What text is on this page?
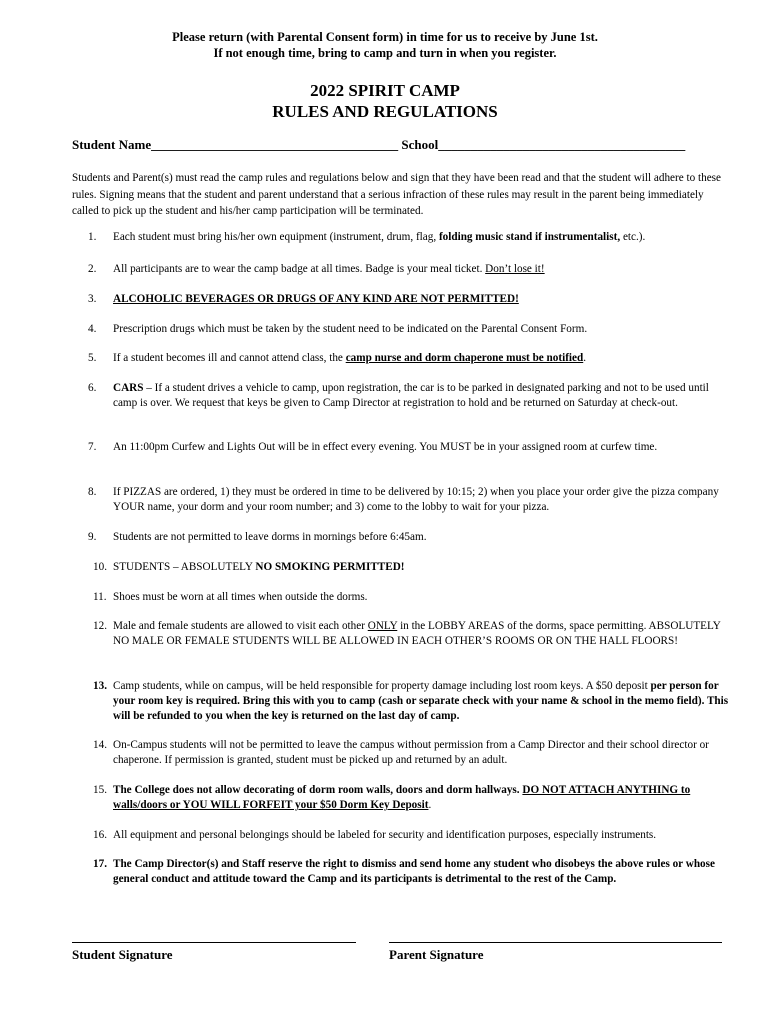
Please return (with Parental Consent form) in time for us to receive by June 1st.
If not enough time, bring to camp and turn in when you register.
2022 SPIRIT CAMP
RULES AND REGULATIONS
Student Name______________________________________ School______________________________________
Students and Parent(s) must read the camp rules and regulations below and sign that they have been read and that the student will adhere to these rules. Signing means that the student and parent understand that a serious infraction of these rules may result in the parent being immediately called to pick up the student and his/her camp participation will be terminated.
1. Each student must bring his/her own equipment (instrument, drum, flag, folding music stand if instrumentalist, etc.).
2. All participants are to wear the camp badge at all times. Badge is your meal ticket. Don’t lose it!
3. ALCOHOLIC BEVERAGES OR DRUGS OF ANY KIND ARE NOT PERMITTED!
4. Prescription drugs which must be taken by the student need to be indicated on the Parental Consent Form.
5. If a student becomes ill and cannot attend class, the camp nurse and dorm chaperone must be notified.
6. CARS – If a student drives a vehicle to camp, upon registration, the car is to be parked in designated parking and not to be used until camp is over. We request that keys be given to Camp Director at registration to hold and be returned on Saturday at check-out.
7. An 11:00pm Curfew and Lights Out will be in effect every evening. You MUST be in your assigned room at curfew time.
8. If PIZZAS are ordered, 1) they must be ordered in time to be delivered by 10:15; 2) when you place your order give the pizza company YOUR name, your dorm and your room number; and 3) come to the lobby to wait for your pizza.
9. Students are not permitted to leave dorms in mornings before 6:45am.
10. STUDENTS – ABSOLUTELY NO SMOKING PERMITTED!
11. Shoes must be worn at all times when outside the dorms.
12. Male and female students are allowed to visit each other ONLY in the LOBBY AREAS of the dorms, space permitting. ABSOLUTELY NO MALE OR FEMALE STUDENTS WILL BE ALLOWED IN EACH OTHER’S ROOMS OR ON THE HALL FLOORS!
13. Camp students, while on campus, will be held responsible for property damage including lost room keys. A $50 deposit per person for your room key is required. Bring this with you to camp (cash or separate check with your name & school in the memo field). This will be refunded to you when the key is returned on the last day of camp.
14. On-Campus students will not be permitted to leave the campus without permission from a Camp Director and their school director or chaperone. If permission is granted, student must be picked up and returned by an adult.
15. The College does not allow decorating of dorm room walls, doors and dorm hallways. DO NOT ATTACH ANYTHING to walls/doors or YOU WILL FORFEIT your $50 Dorm Key Deposit.
16. All equipment and personal belongings should be labeled for security and identification purposes, especially instruments.
17. The Camp Director(s) and Staff reserve the right to dismiss and send home any student who disobeys the above rules or whose general conduct and attitude toward the Camp and its participants is detrimental to the rest of the Camp.
Student Signature	Parent Signature
